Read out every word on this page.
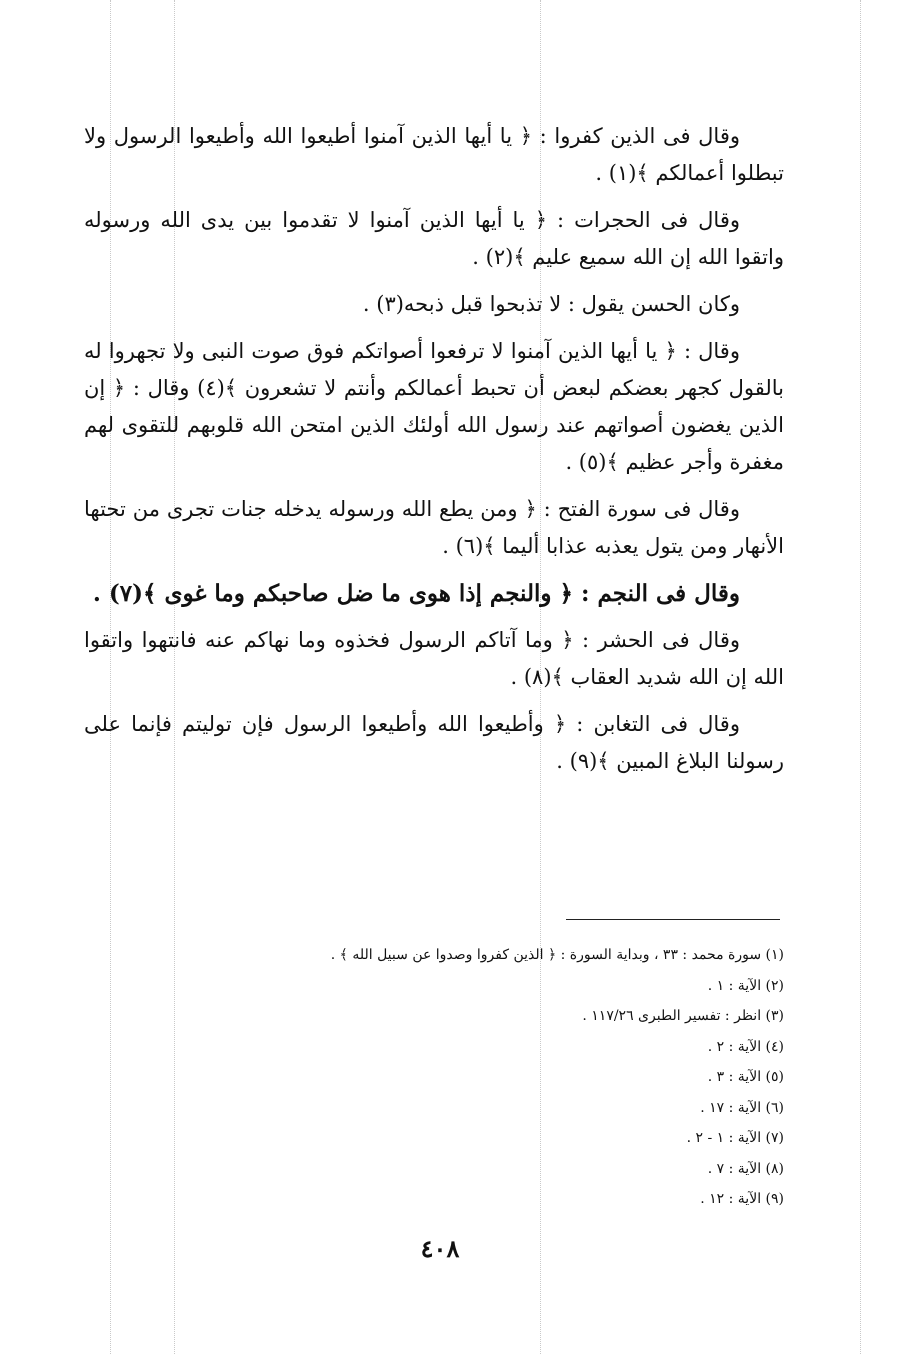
وقال فى الذين كفروا : ﴿ يا أيها الذين آمنوا أطيعوا الله وأطيعوا الرسول ولا تبطلوا أعمالكم ﴾(١) .

وقال فى الحجرات : ﴿ يا أيها الذين آمنوا لا تقدموا بين يدى الله ورسوله واتقوا الله إن الله سميع عليم ﴾(٢) .

وكان الحسن يقول : لا تذبحوا قبل ذبحه(٣) .

وقال : ﴿ يا أيها الذين آمنوا لا ترفعوا أصواتكم فوق صوت النبى ولا تجهروا له بالقول كجهر بعضكم لبعض أن تحبط أعمالكم وأنتم لا تشعرون ﴾(٤) وقال : ﴿ إن الذين يغضون أصواتهم عند رسول الله أولئك الذين امتحن الله قلوبهم للتقوى لهم مغفرة وأجر عظيم ﴾(٥) .

وقال فى سورة الفتح : ﴿ ومن يطع الله ورسوله يدخله جنات تجرى من تحتها الأنهار ومن يتول يعذبه عذابا أليما ﴾(٦) .

وقال فى النجم : ﴿ والنجم إذا هوى ما ضل صاحبكم وما غوى ﴾(٧) .

وقال فى الحشر : ﴿ وما آتاكم الرسول فخذوه وما نهاكم عنه فانتهوا واتقوا الله إن الله شديد العقاب ﴾(٨) .

وقال فى التغابن : ﴿ وأطيعوا الله وأطيعوا الرسول فإن توليتم فإنما على رسولنا البلاغ المبين ﴾(٩) .

(١) سورة محمد : ٣٣ ، وبداية السورة : ﴿ الذين كفروا وصدوا عن سبيل الله ﴾ .
(٢) الآية : ١ .
(٣) انظر : تفسير الطبرى ١١٧/٢٦ .
(٤) الآية : ٢ .
(٥) الآية : ٣ .
(٦) الآية : ١٧ .
(٧) الآية : ١ - ٢ .
(٨) الآية : ٧ .
(٩) الآية : ١٢ .
٤٠٨
